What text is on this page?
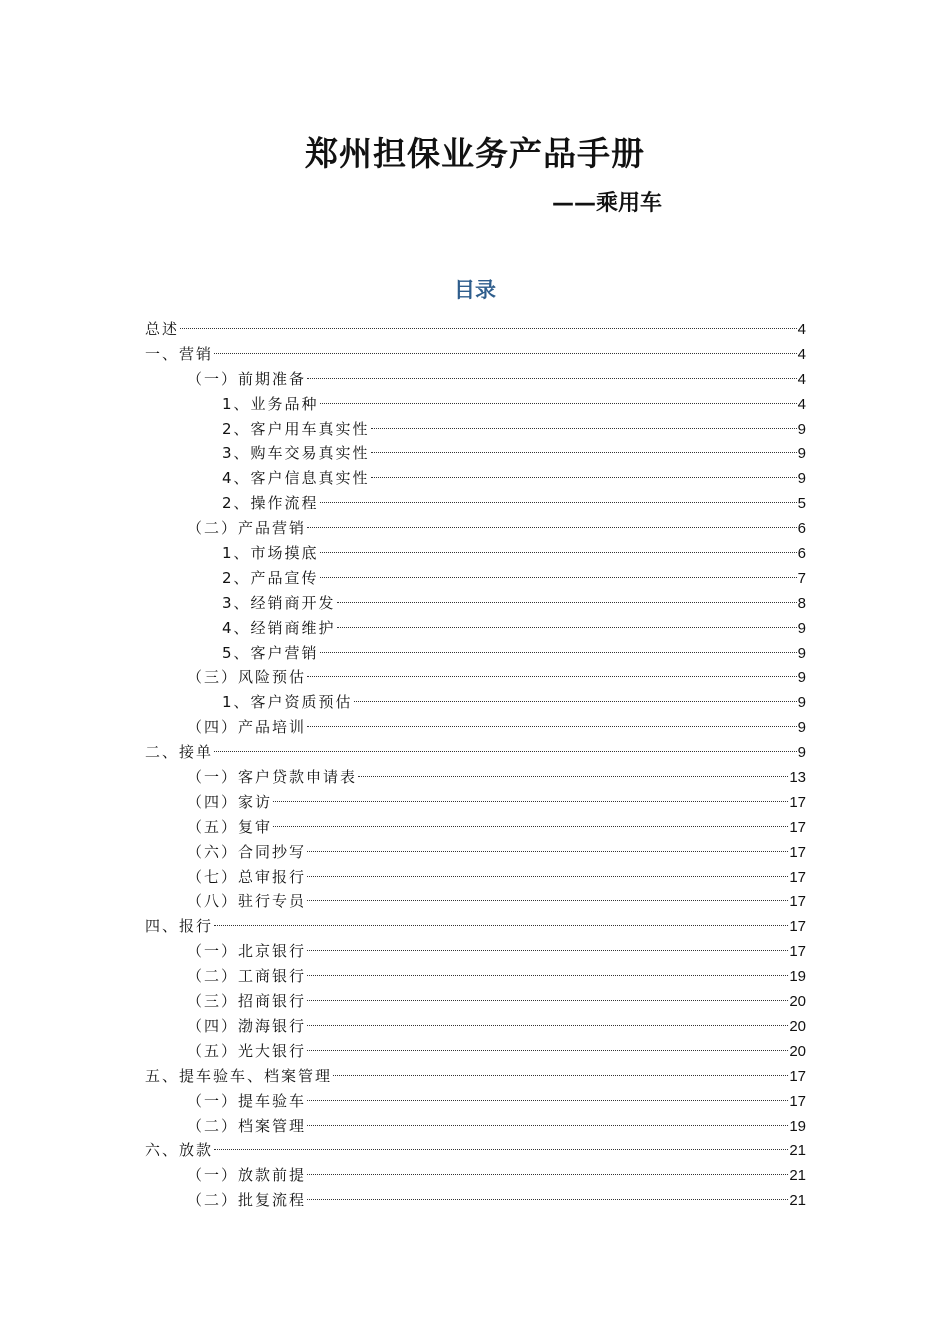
郑州担保业务产品手册
——乘用车
目录
总述	4
一、营销	4
（一）前期准备	4
1、业务品种	4
2、客户用车真实性	9
3、购车交易真实性	9
4、客户信息真实性	9
2、操作流程	5
（二）产品营销	6
1、市场摸底	6
2、产品宣传	7
3、经销商开发	8
4、经销商维护	9
5、客户营销	9
（三）风险预估	9
1、客户资质预估	9
（四）产品培训	9
二、接单	9
（一）客户贷款申请表	13
（四）家访	17
（五）复审	17
（六）合同抄写	17
（七）总审报行	17
（八）驻行专员	17
四、报行	17
（一）北京银行	17
（二）工商银行	19
（三）招商银行	20
（四）渤海银行	20
（五）光大银行	20
五、提车验车、档案管理	17
（一）提车验车	17
（二）档案管理	19
六、放款	21
（一）放款前提	21
（二）批复流程	21
